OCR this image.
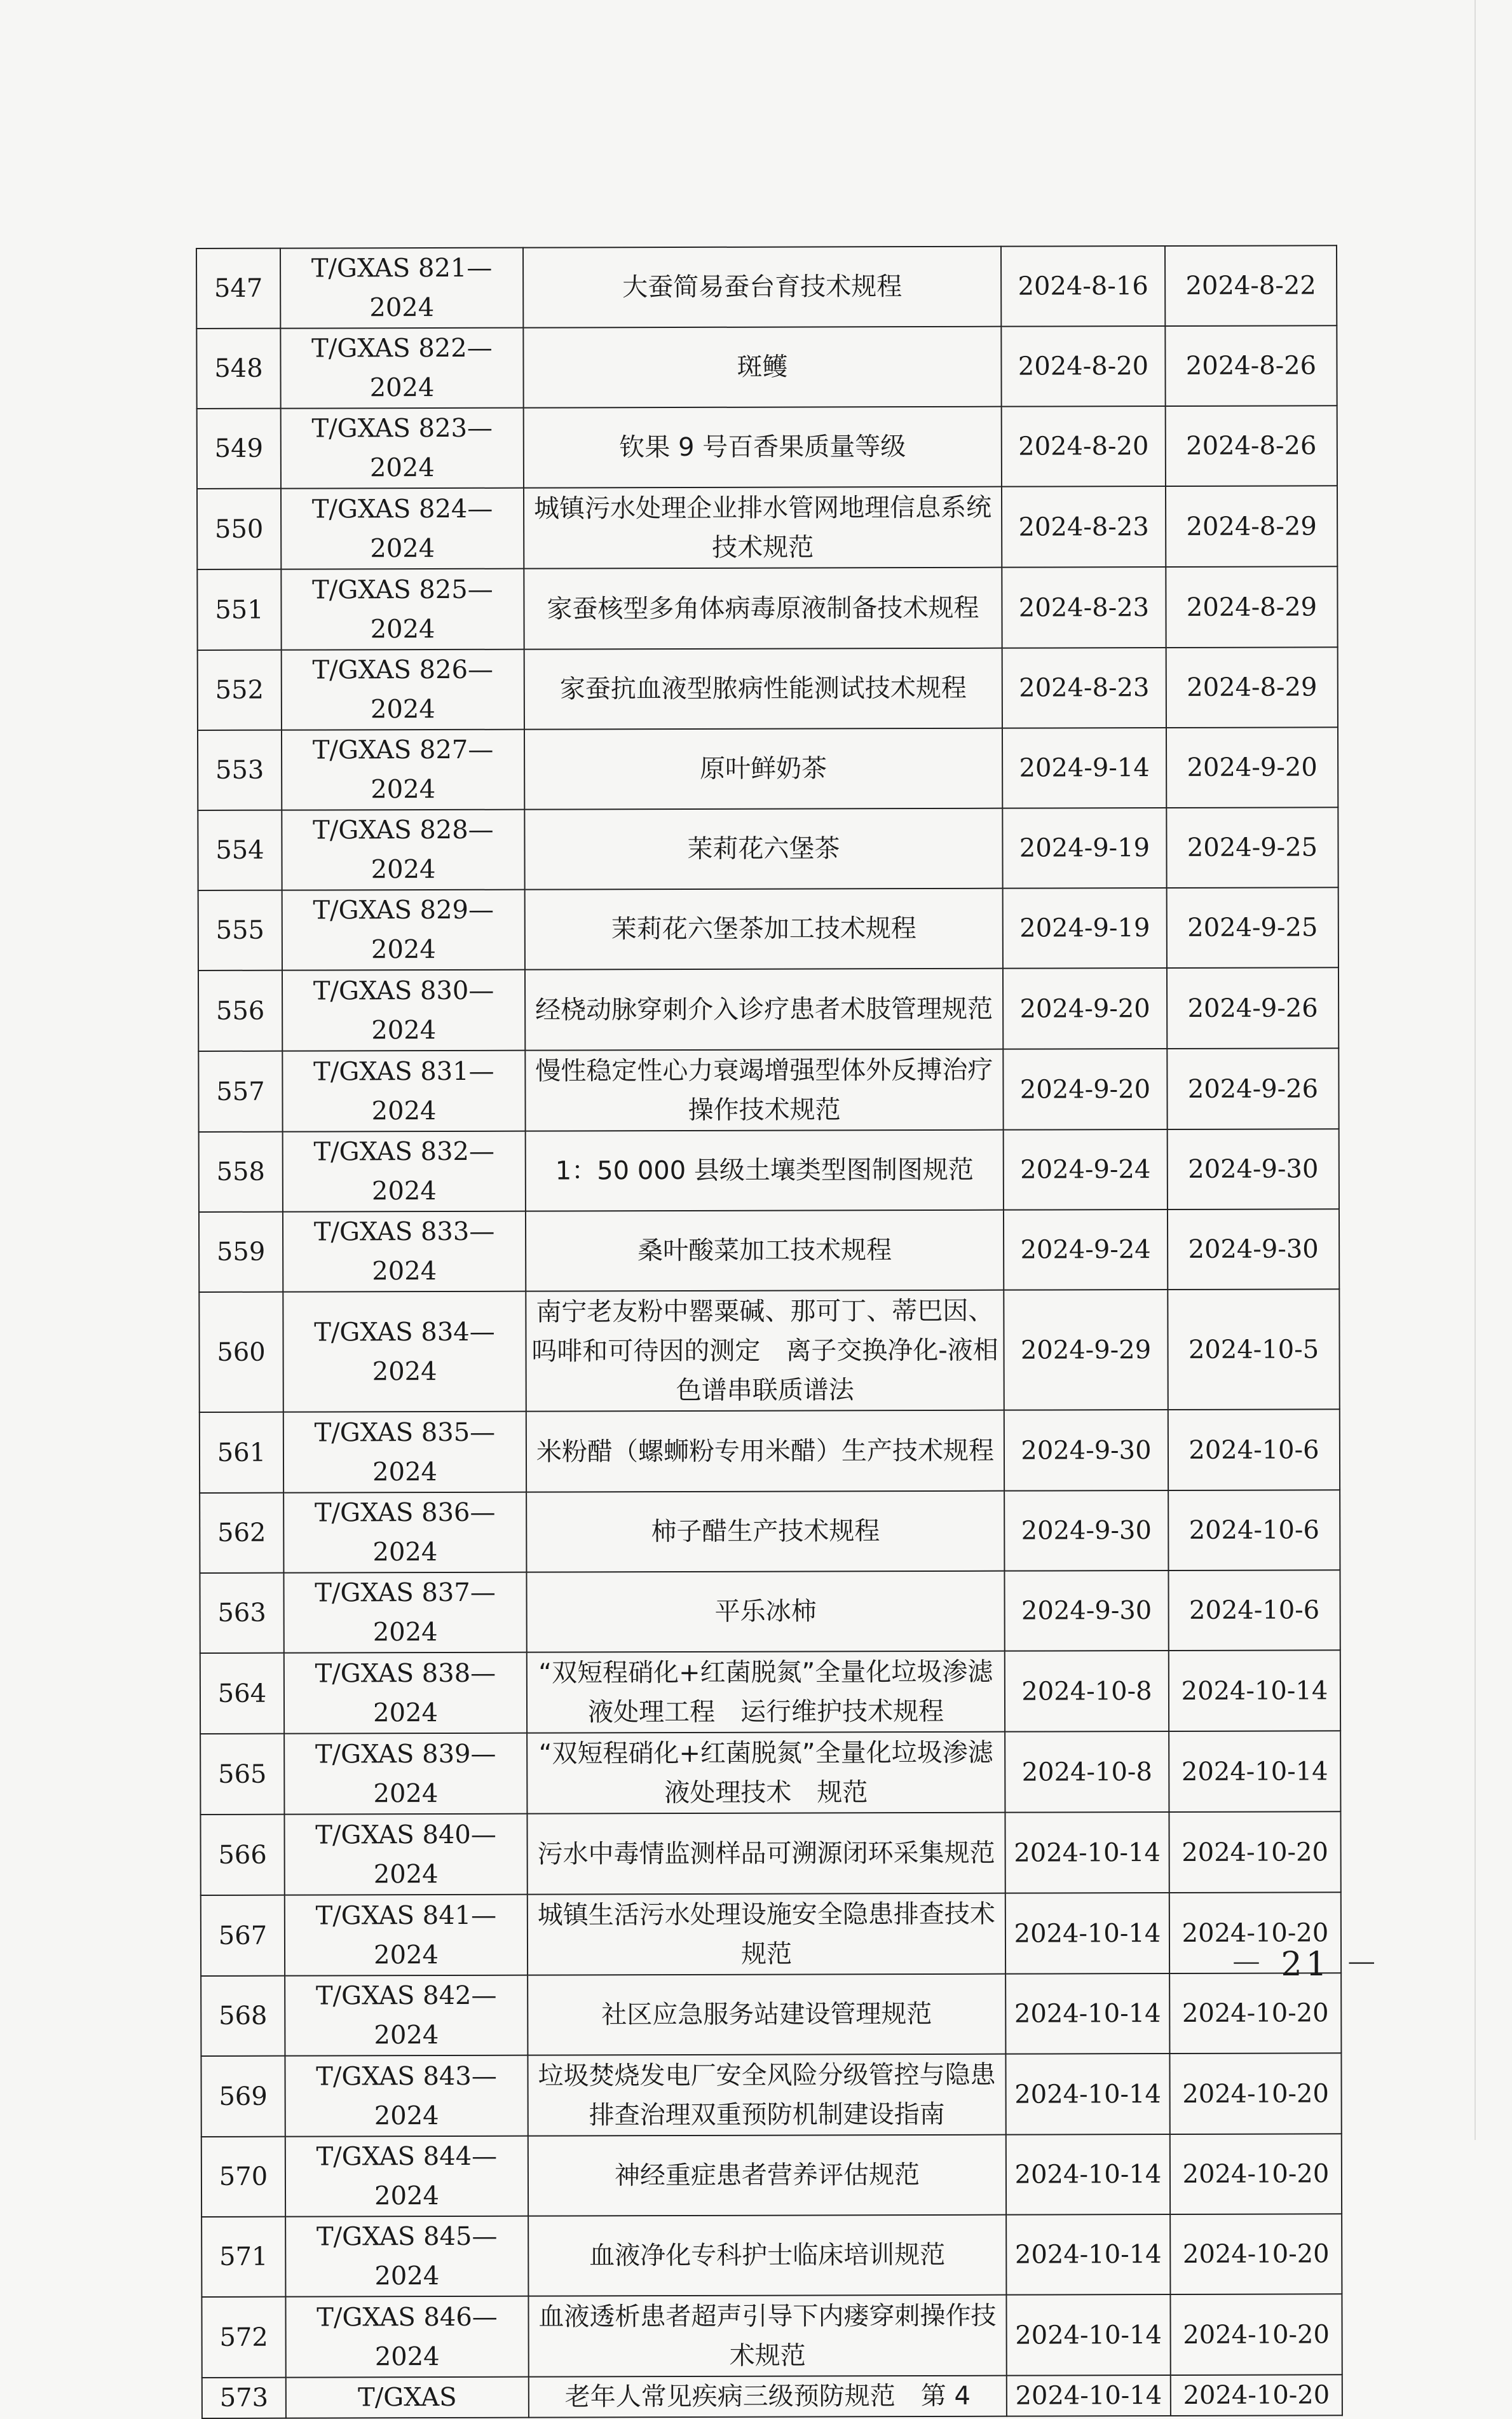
547	T/GXAS 821—2024	大蚕简易蚕台育技术规程	2024-8-16	2024-8-22
548	T/GXAS 822—2024	斑鳠	2024-8-20	2024-8-26
549	T/GXAS 823—2024	钦果 9 号百香果质量等级	2024-8-20	2024-8-26
550	T/GXAS 824—2024	城镇污水处理企业排水管网地理信息系统技术规范	2024-8-23	2024-8-29
551	T/GXAS 825—2024	家蚕核型多角体病毒原液制备技术规程	2024-8-23	2024-8-29
552	T/GXAS 826—2024	家蚕抗血液型脓病性能测试技术规程	2024-8-23	2024-8-29
553	T/GXAS 827—2024	原叶鲜奶茶	2024-9-14	2024-9-20
554	T/GXAS 828—2024	茉莉花六堡茶	2024-9-19	2024-9-25
555	T/GXAS 829—2024	茉莉花六堡茶加工技术规程	2024-9-19	2024-9-25
556	T/GXAS 830—2024	经桡动脉穿刺介入诊疗患者术肢管理规范	2024-9-20	2024-9-26
557	T/GXAS 831—2024	慢性稳定性心力衰竭增强型体外反搏治疗操作技术规范	2024-9-20	2024-9-26
558	T/GXAS 832—2024	1：50 000 县级土壤类型图制图规范	2024-9-24	2024-9-30
559	T/GXAS 833—2024	桑叶酸菜加工技术规程	2024-9-24	2024-9-30
560	T/GXAS 834—2024	南宁老友粉中罂粟碱、那可丁、蒂巴因、吗啡和可待因的测定　离子交换净化-液相色谱串联质谱法	2024-9-29	2024-10-5
561	T/GXAS 835—2024	米粉醋（螺蛳粉专用米醋）生产技术规程	2024-9-30	2024-10-6
562	T/GXAS 836—2024	柿子醋生产技术规程	2024-9-30	2024-10-6
563	T/GXAS 837—2024	平乐冰柿	2024-9-30	2024-10-6
564	T/GXAS 838—2024	“双短程硝化+红菌脱氮”全量化垃圾渗滤液处理工程　运行维护技术规程	2024-10-8	2024-10-14
565	T/GXAS 839—2024	“双短程硝化+红菌脱氮”全量化垃圾渗滤液处理技术　规范	2024-10-8	2024-10-14
566	T/GXAS 840—2024	污水中毒情监测样品可溯源闭环采集规范	2024-10-14	2024-10-20
567	T/GXAS 841—2024	城镇生活污水处理设施安全隐患排查技术规范	2024-10-14	2024-10-20
568	T/GXAS 842—2024	社区应急服务站建设管理规范	2024-10-14	2024-10-20
569	T/GXAS 843—2024	垃圾焚烧发电厂安全风险分级管控与隐患排查治理双重预防机制建设指南	2024-10-14	2024-10-20
570	T/GXAS 844—2024	神经重症患者营养评估规范	2024-10-14	2024-10-20
571	T/GXAS 845—2024	血液净化专科护士临床培训规范	2024-10-14	2024-10-20
572	T/GXAS 846—2024	血液透析患者超声引导下内瘘穿刺操作技术规范	2024-10-14	2024-10-20
573	T/GXAS	老年人常见疾病三级预防规范　第 4	2024-10-14	2024-10-20
－ 21 －
